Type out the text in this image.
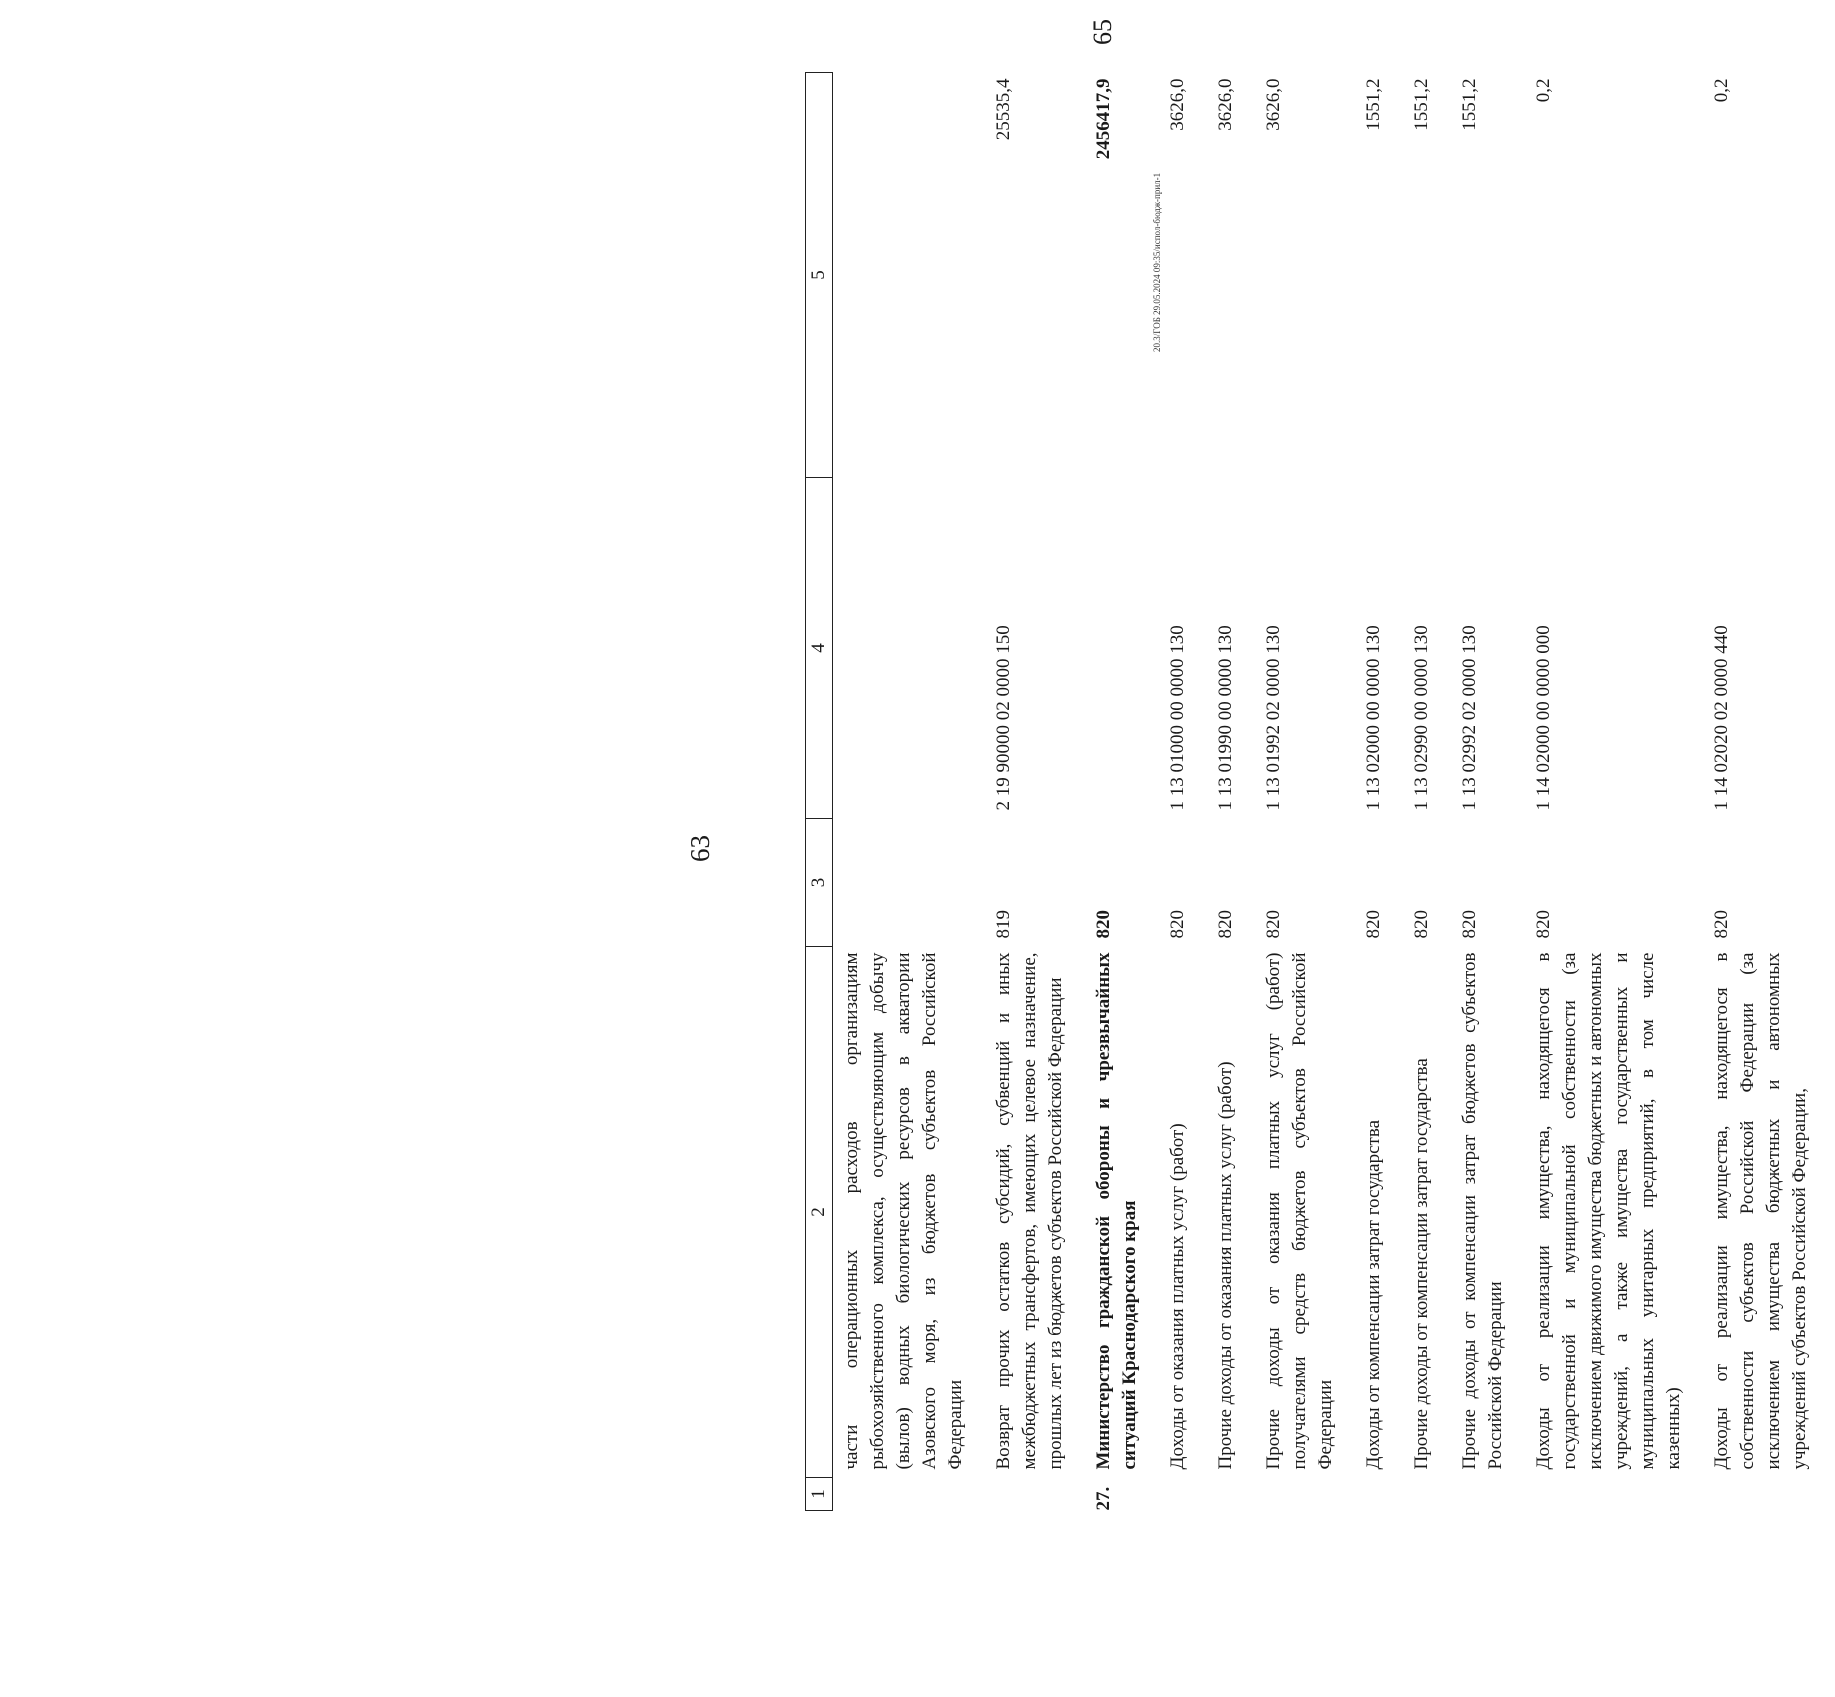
63
1	2	3	4	5
	части операционных расходов организациям рыбохозяйственного комплекса, осуществляющим добычу (вылов) водных биологических ресурсов в акватории Азовского моря, из бюджетов субъектов Российской Федерации			
	Возврат прочих остатков субсидий, субвенций и иных межбюджетных трансфертов, имеющих целевое назначение, прошлых лет из бюджетов субъектов Российской Федерации	819	2 19 90000 02 0000 150	25535,4
27.	Министерство гражданской обороны и чрезвычайных ситуаций Краснодарского края	820		2456417,9
	Доходы от оказания платных услуг (работ)	820	1 13 01000 00 0000 130	3626,0
	Прочие доходы от оказания платных услуг (работ)	820	1 13 01990 00 0000 130	3626,0
	Прочие доходы от оказания платных услуг (работ) получателями средств бюджетов субъектов Российской Федерации	820	1 13 01992 02 0000 130	3626,0
	Доходы от компенсации затрат государства	820	1 13 02000 00 0000 130	1551,2
	Прочие доходы от компенсации затрат государства	820	1 13 02990 00 0000 130	1551,2
	Прочие доходы от компенсации затрат бюджетов субъектов Российской Федерации	820	1 13 02992 02 0000 130	1551,2
	Доходы от реализации имущества, находящегося в государственной и муниципальной собственности (за исключением движимого имущества бюджетных и автономных учреждений, а также имущества государственных и муниципальных унитарных предприятий, в том числе казенных)	820	1 14 02000 00 0000 000	0,2
	Доходы от реализации имущества, находящегося в собственности субъектов Российской Федерации (за исключением имущества бюджетных и автономных учреждений субъектов Российской Федерации,	820	1 14 02020 02 0000 440	0,2
20.3/ГОБ 29.05.2024 09:35/испол-бюдж-прил-1
65
